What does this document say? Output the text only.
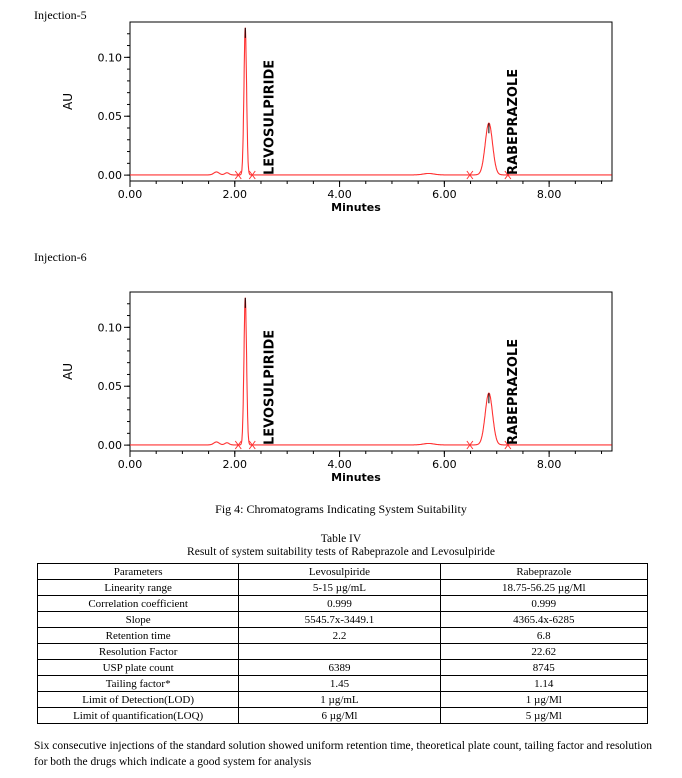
Injection-5
Injection-6
0.00
0.05
0.10
0.00	2.00	4.00	6.00	8.00
Minutes
AU	LEVOSULPIRIDE	RABEPRAZOLE
0.00
0.05
0.10
0.00	2.00	4.00	6.00	8.00
Minutes
AU	LEVOSULPIRIDE	RABEPRAZOLE
Fig 4: Chromatograms Indicating System Suitability
Table IV
Result of system suitability tests of Rabeprazole and Levosulpiride
Parameters	Levosulpiride	Rabeprazole
Linearity range	5-15 µg/mL	18.75-56.25 µg/Ml
Correlation coefficient	0.999	0.999
Slope	5545.7x-3449.1	4365.4x-6285
Retention time	2.2	6.8
Resolution Factor		22.62
USP plate count	6389	8745
Tailing factor*	1.45	1.14
Limit of Detection(LOD)	1 µg/mL	1 µg/Ml
Limit of quantification(LOQ)	6 µg/Ml	5 µg/Ml
Six consecutive injections of the standard solution showed uniform retention time, theoretical plate count, tailing factor and resolution for both the drugs which indicate a good system for analysis
